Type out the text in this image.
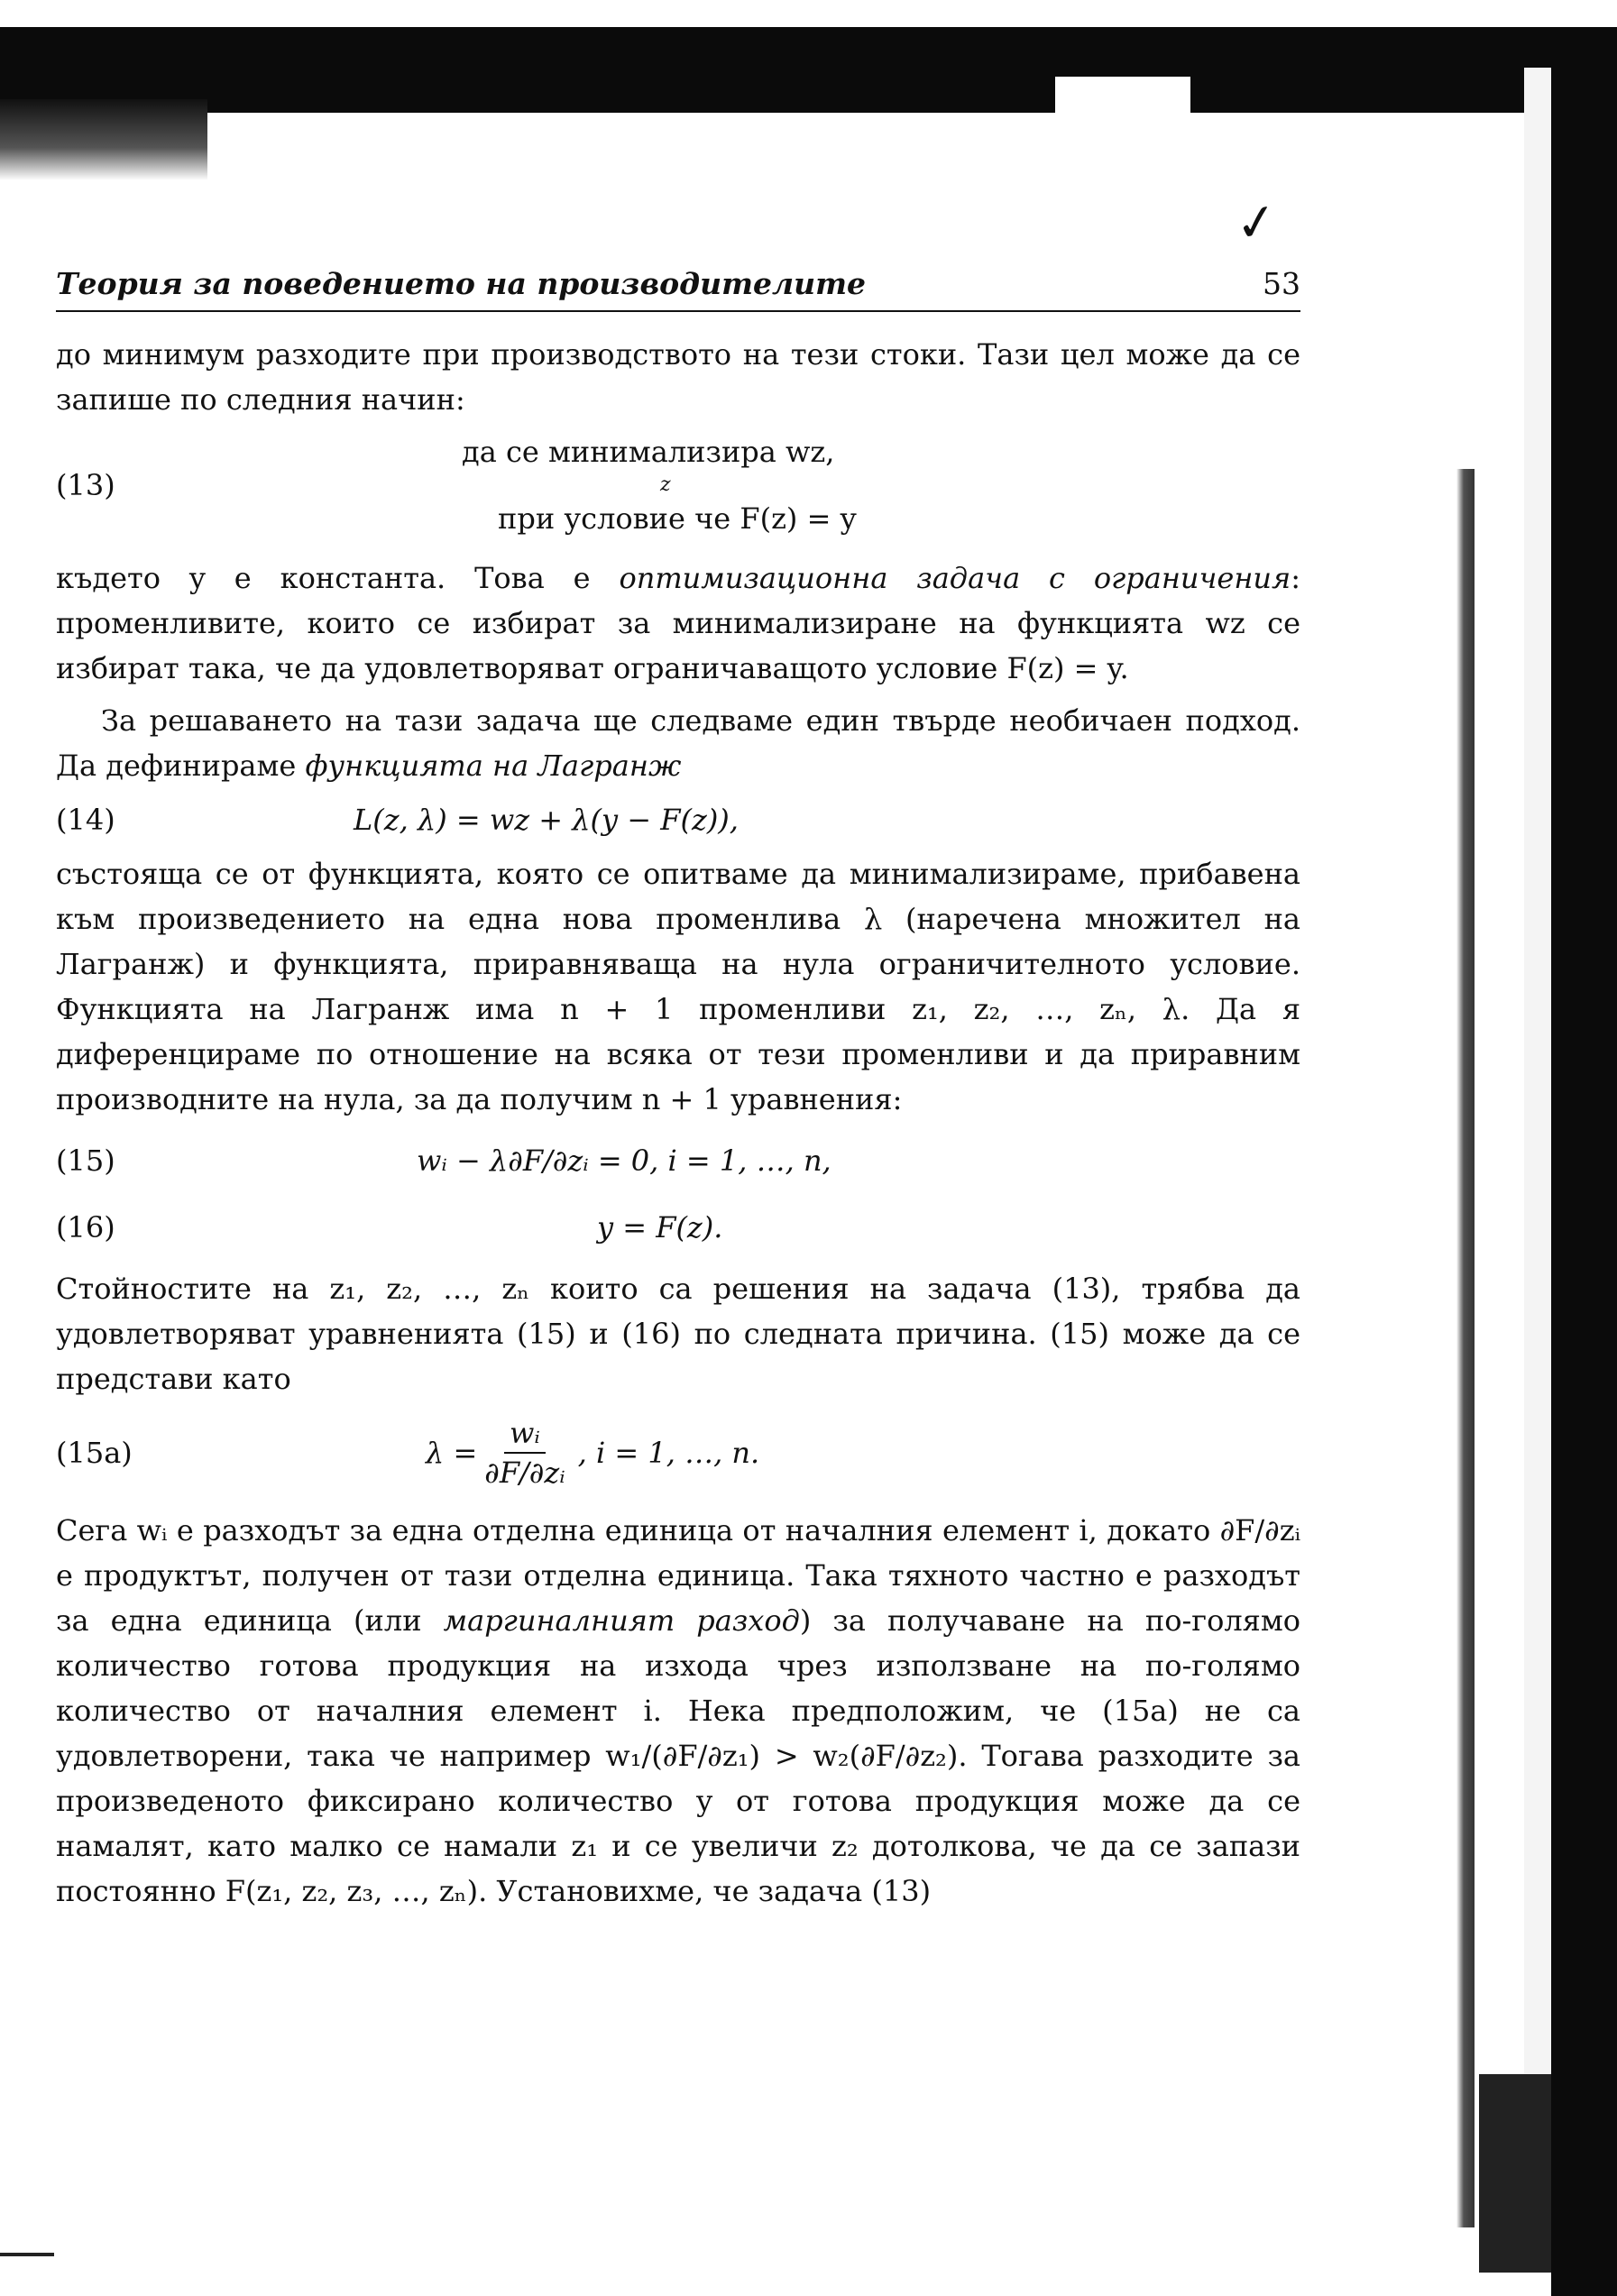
✓
Теория за поведението на производителите	53

до минимум разходите при производството на тези стоки. Тази цел може да се запише по следния начин:

(13)
да се минимализира wz,
z
при условие че F(z) = y

където y е константа. Това е оптимизационна задача с ограничения: променливите, които се избират за минимализиране на функцията wz се избират така, че да удовлетворяват ограничаващото условие F(z) = y.

За решаването на тази задача ще следваме един твърде необичаен подход. Да дефинираме функцията на Лагранж

(14)	L(z, λ) = wz + λ(y − F(z)),

състояща се от функцията, която се опитваме да минимализираме, прибавена към произведението на една нова променлива λ (наречена множител на Лагранж) и функцията, приравняваща на нула ограничителното условие. Функцията на Лагранж има n + 1 променливи z₁, z₂, …, zₙ, λ. Да я диференцираме по отношение на всяка от тези променливи и да приравним производните на нула, за да получим n + 1 уравнения:

(15)	wᵢ − λ∂F/∂zᵢ = 0, i = 1, …, n,
(16)	y = F(z).

Стойностите на z₁, z₂, …, zₙ които са решения на задача (13), трябва да удовлетворяват уравненията (15) и (16) по следната причина. (15) може да се представи като

(15а)	$\lambda = \frac{\text{wᵢ}}{\text{∂F/∂zᵢ}}$ , i = 1, …, n.

Сега wᵢ е разходът за една отделна единица от началния елемент i, докато ∂F/∂zᵢ е продуктът, получен от тази отделна единица. Така тяхното частно е разходът за една единица (или маргиналният разход) за получаване на по-голямо количество готова продукция на изхода чрез използване на по-голямо количество от началния елемент i. Нека предположим, че (15а) не са удовлетворени, така че например w₁/(∂F/∂z₁) > w₂(∂F/∂z₂). Тогава разходите за произведеното фиксирано количество y от готова продукция може да се намалят, като малко се намали z₁ и се увеличи z₂ дотолкова, че да се запази постоянно F(z₁, z₂, z₃, …, zₙ). Установихме, че задача (13)
